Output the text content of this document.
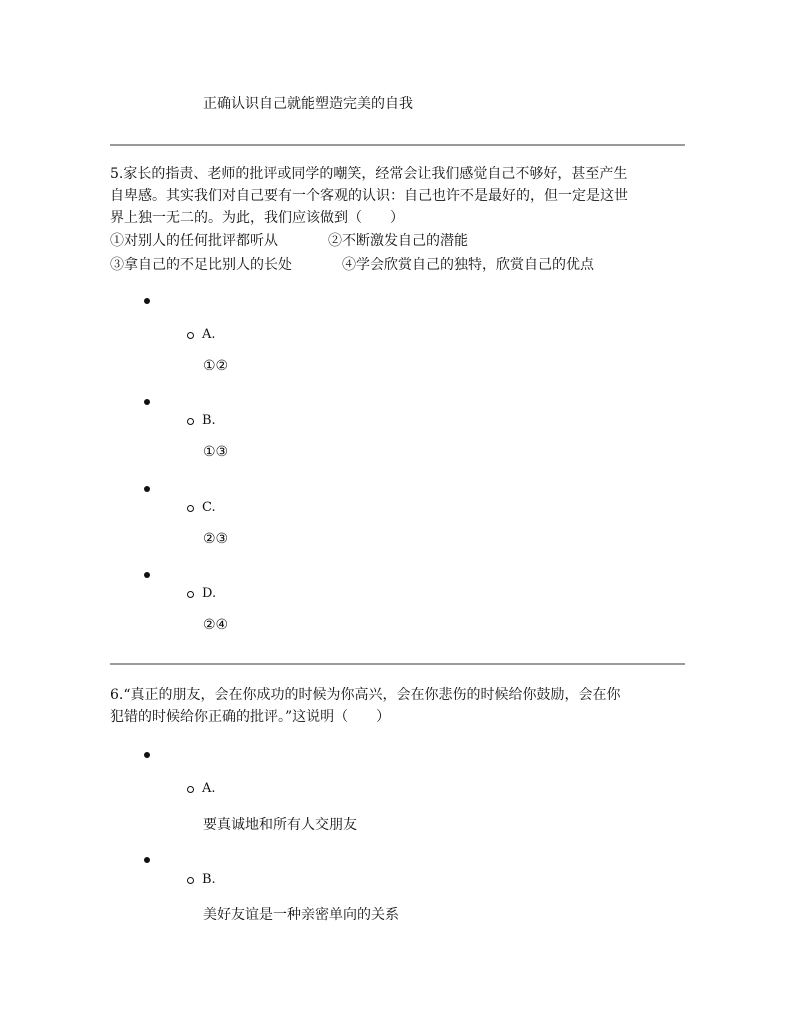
正确认识自己就能塑造完美的自我
5.家长的指责、老师的批评或同学的嘲笑，经常会让我们感觉自己不够好，甚至产生
自卑感。其实我们对自己要有一个客观的认识：自己也许不是最好的，但一定是这世
界上独一无二的。为此，我们应该做到（　　）
①对别人的任何批评都听从	②不断激发自己的潜能
③拿自己的不足比别人的长处	④学会欣赏自己的独特，欣赏自己的优点
A.
①②
B.
①③
C.
②③
D.
②④
6.“真正的朋友，会在你成功的时候为你高兴，会在你悲伤的时候给你鼓励，会在你
犯错的时候给你正确的批评。”这说明（　　）
A.
要真诚地和所有人交朋友
B.
美好友谊是一种亲密单向的关系
